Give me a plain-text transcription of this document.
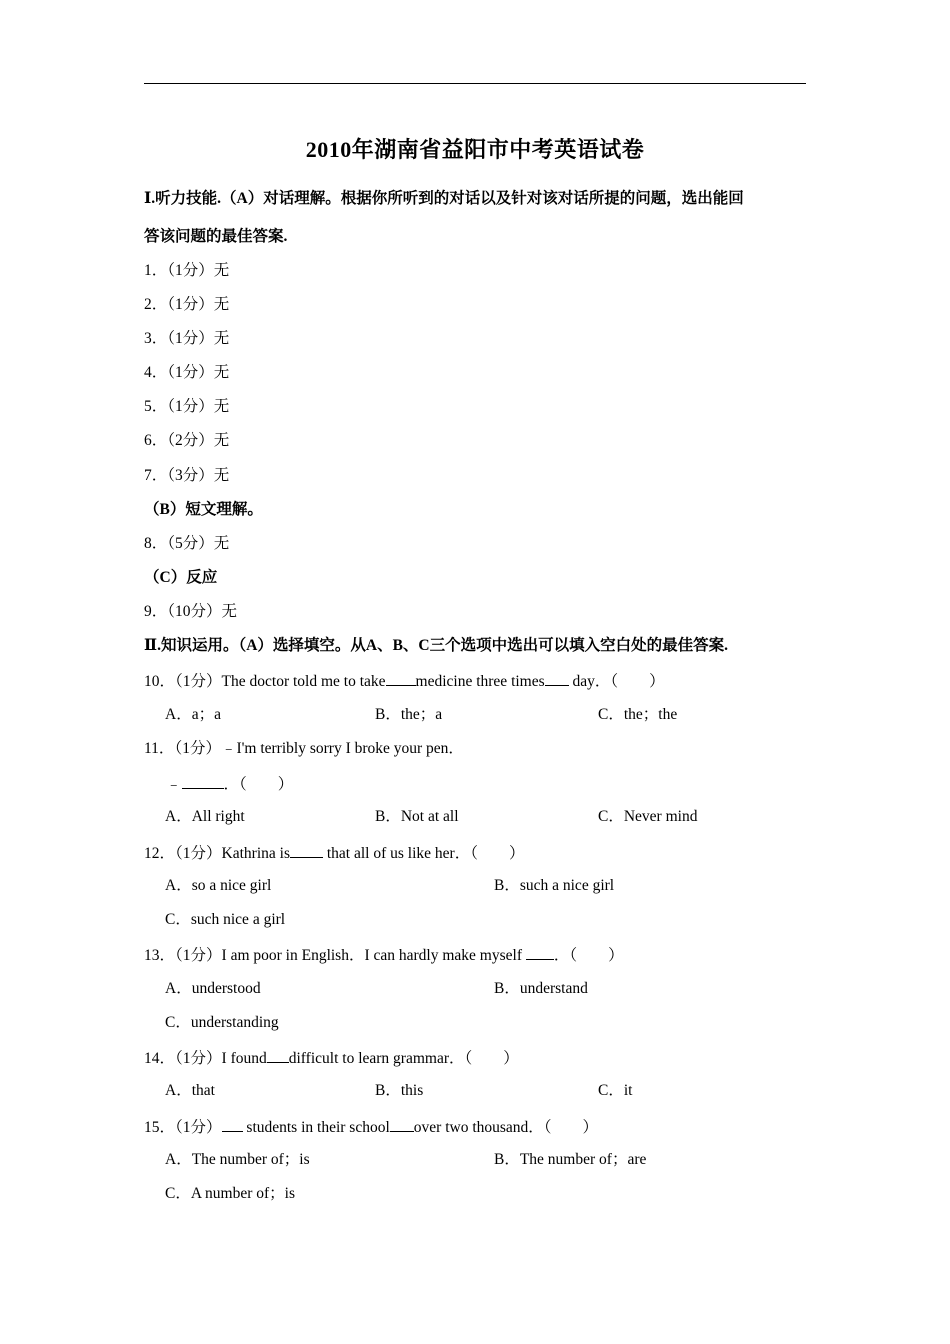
2010年湖南省益阳市中考英语试卷
Ⅰ.听力技能.（A）对话理解。根据你所听到的对话以及针对该对话所提的问题，选出能回
答该问题的最佳答案.
1．（1分）无
2．（1分）无
3．（1分）无
4．（1分）无
5．（1分）无
6．（2分）无
7．（3分）无
（B）短文理解。
8．（5分）无
（C）反应
9．（10分）无
Ⅱ.知识运用。（A）选择填空。从A、B、C三个选项中选出可以填入空白处的最佳答案.
10．（1分）The doctor told me to take medicine three times day．（　　）
A．a；a	B．the；a	C．the；the
11．（1分）﹣I'm terribly sorry I broke your pen．
﹣	．（　　）
A．All right	B．Not at all	C．Never mind
12．（1分）Kathrina is that all of us like her．（　　）
A．so a nice girl	B．such a nice girl
C．such nice a girl
13．（1分）I am poor in English．I can hardly make myself ．（　　）
A．understood	B．understand
C．understanding
14．（1分）I found difficult to learn grammar．（　　）
A．that	B．this	C．it
15．（1分） students in their school over two thousand．（　　）
A．The number of；is	B．The number of；are
C．A number of；is
